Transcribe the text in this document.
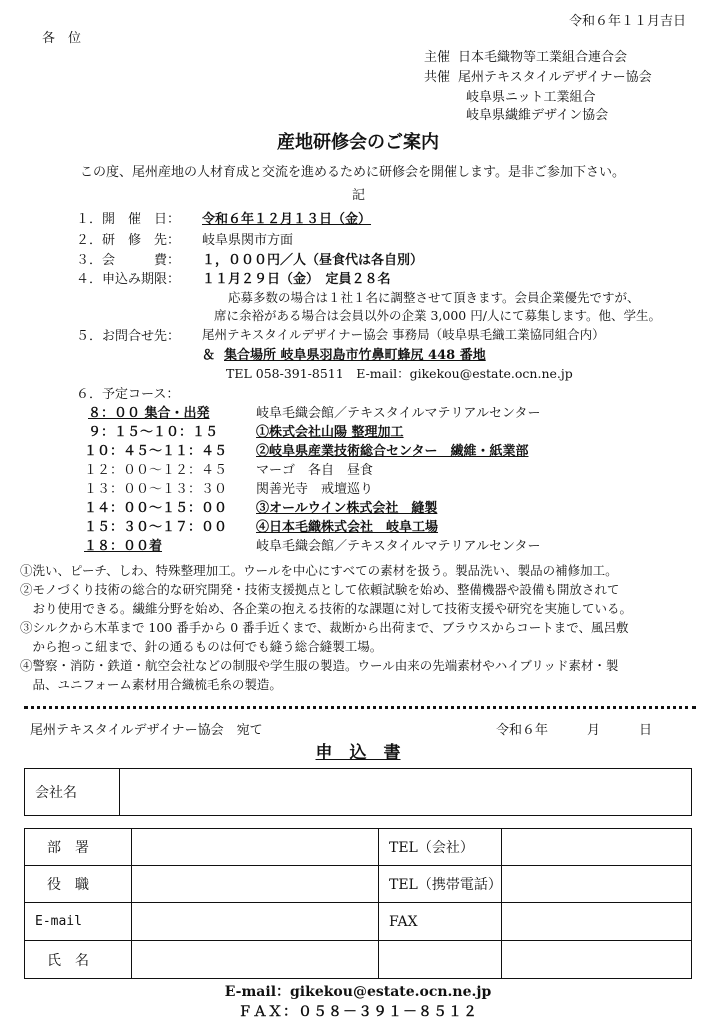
令和６年１１月吉日
各　位
主催 日本毛織物等工業組合連合会
共催 尾州テキスタイルデザイナー協会
岐阜県ニット工業組合
岐阜県繊維デザイン協会
産地研修会のご案内
この度、尾州産地の人材育成と交流を進めるために研修会を開催します。是非ご参加下さい。
記
１．開　催　日： 令和６年１２月１３日（金）
２．研　修　先： 岐阜県関市方面
３．会　　　費： １，０００円／人（昼食代は各自別）
４．申込み期限： １１月２９日（金）　定員２８名
応募多数の場合は１社１名に調整させて頂きます。会員企業優先ですが、
席に余裕がある場合は会員以外の企業 3,000 円/人にて募集します。他、学生。
５．お問合せ先： 尾州テキスタイルデザイナー協会 事務局（岐阜県毛織工業協同組合内）
＆ 集合場所 岐阜県羽島市竹鼻町蜂尻 448 番地
TEL 058-391-8511　E-mail：gikekou@estate.ocn.ne.jp
６．予定コース：
８：００ 集合・出発	岐阜毛織会館／テキスタイルマテリアルセンター
９：１５〜１０：１５	①株式会社山陽 整理加工
１０：４５〜１１：４５ ②岐阜県産業技術総合センター　繊維・紙業部
１２：００〜１２：４５ マーゴ　各自　昼食
１３：００〜１３：３０ 関善光寺　戒壇巡り
１４：００〜１５：００ ③オールウイン株式会社　縫製
１５：３０〜１７：００ ④日本毛織株式会社　岐阜工場
１８：００着	岐阜毛織会館／テキスタイルマテリアルセンター
①洗い、ピーチ、しわ、特殊整理加工。ウールを中心にすべての素材を扱う。製品洗い、製品の補修加工。
②モノづくり技術の総合的な研究開発・技術支援拠点として依頼試験を始め、整備機器や設備も開放されて
　おり使用できる。繊維分野を始め、各企業の抱える技術的な課題に対して技術支援や研究を実施している。
③シルクから木革まで 100 番手から 0 番手近くまで、裁断から出荷まで、ブラウスからコートまで、風呂敷
　から抱っこ紐まで、針の通るものは何でも縫う総合縫製工場。
④警察・消防・鉄道・航空会社などの制服や学生服の製造。ウール由来の先端素材やハイブリッド素材・製
　品、ユニフォーム素材用合織梳毛糸の製造。
尾州テキスタイルデザイナー協会　宛て	令和６年　　　月　　　日
申　込　書
会社名	
部　署		TEL（会社）	
役　職		TEL（携帯電話）	
E-mail		FAX	
氏　名			
E-mail：gikekou@estate.ocn.ne.jp
ＦＡＸ：０５８－３９１－８５１２
